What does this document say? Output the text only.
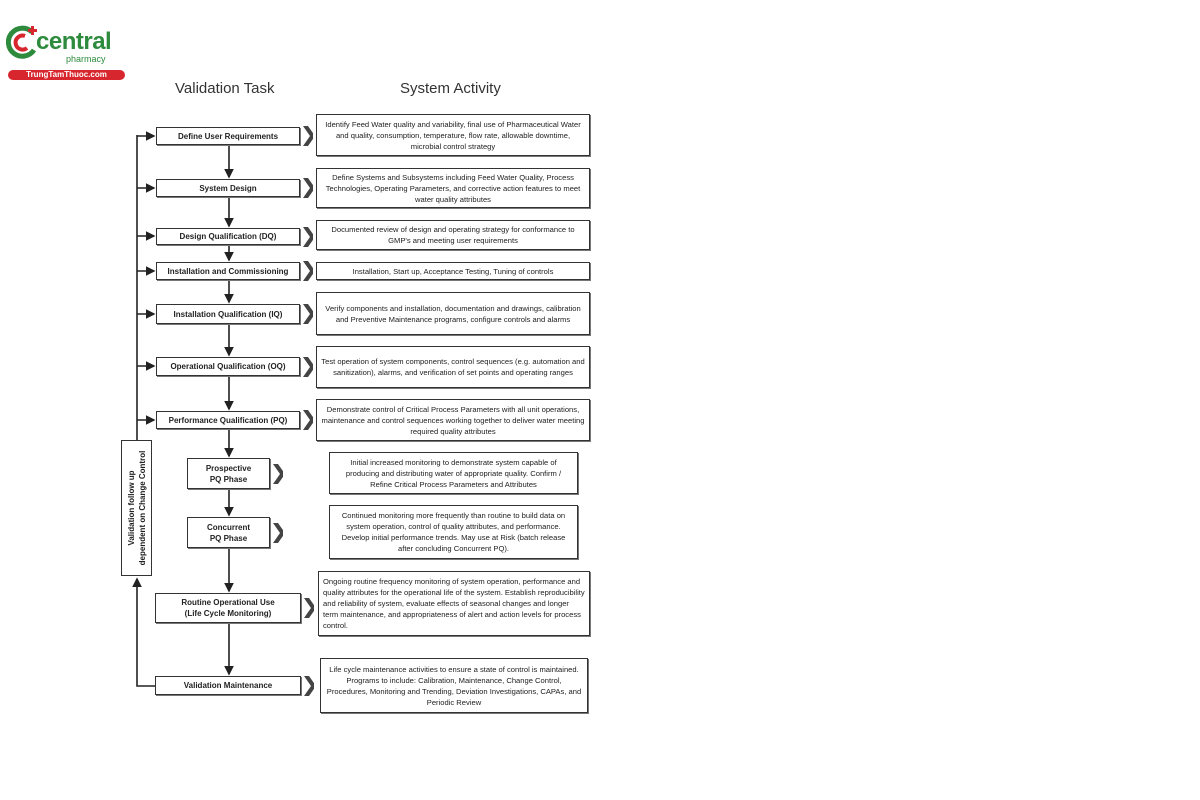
central
pharmacy
TrungTamThuoc.com
Validation Task	System Activity
Validation follow up dependent on Change Control
Define User Requirements
Identify Feed Water quality and variability, final use of Pharmaceutical Water and quality, consumption, temperature, flow rate, allowable downtime, microbial control strategy
System Design
Define Systems and Subsystems including Feed Water Quality, Process Technologies, Operating Parameters, and corrective action features to meet water quality attributes
Design Qualification (DQ)
Documented review of design and operating strategy for conformance to GMP's and meeting user requirements
Installation and Commissioning	Installation, Start up, Acceptance Testing, Tuning of controls
Installation Qualification (IQ)
Verify components and installation, documentation and drawings, calibration and Preventive Maintenance programs, configure controls and alarms
Operational Qualification (OQ)
Test operation of system components, control sequences (e.g. automation and sanitization), alarms, and verification of set points and operating ranges
Performance Qualification (PQ)
Demonstrate control of Critical Process Parameters with all unit operations, maintenance and control sequences working together to deliver water meeting required quality attributes
Prospective PQ Phase
Initial increased monitoring to demonstrate system capable of producing and distributing water of appropriate quality. Confirm / Refine Critical Process Parameters and Attributes
Concurrent PQ Phase
Continued monitoring more frequently than routine to build data on system operation, control of quality attributes, and performance. Develop initial performance trends. May use at Risk (batch release after concluding Concurrent PQ).
Routine Operational Use (Life Cycle Monitoring)
Ongoing routine frequency monitoring of system operation, performance and quality attributes for the operational life of the system. Establish reproducibility and reliability of system, evaluate effects of seasonal changes and longer term maintenance, and appropriateness of alert and action levels for process control.
Validation Maintenance
Life cycle maintenance activities to ensure a state of control is maintained. Programs to include: Calibration, Maintenance, Change Control, Procedures, Monitoring and Trending, Deviation Investigations, CAPAs, and Periodic Review
